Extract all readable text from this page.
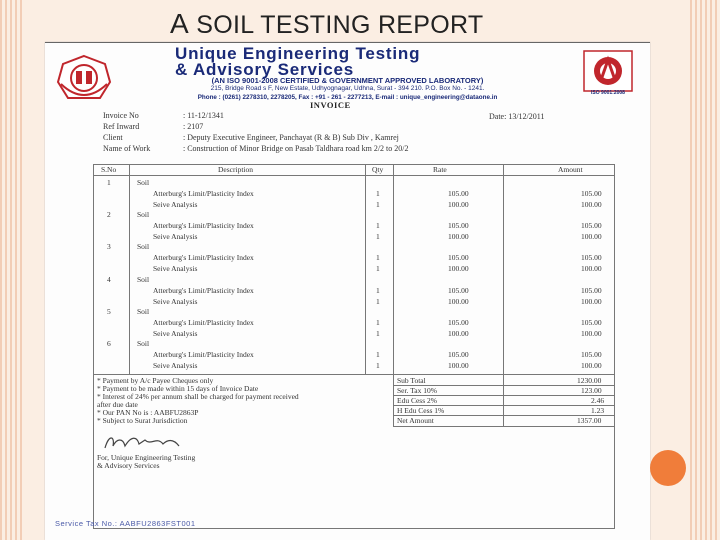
A SOIL TESTING REPORT
Unique Engineering Testing
& Advisory Services
(AN ISO 9001-2008 CERTIFIED & GOVERNMENT APPROVED LABORATORY)
215, Bridge Road s F, New Estate, Udhyognagar, Udhna, Surat - 394 210. P.O. Box No. - 1241.
Phone : (0261) 2278310, 2278205, Fax : +91 - 261 - 2277213, E-mail : unique_engineering@dataone.in
ISO 9001:2008
INVOICE
Invoice No	: 11-12/1341	Date: 13/12/2011
Ref Inward	: 2107
Client	: Deputy Executive Engineer, Panchayat (R & B) Sub Div , Kamrej
Name of Work	: Construction of Minor Bridge on Pasab Taldhara road km 2/2 to 20/2
S.No	Description	Qty	Rate	Amount
1	Soil
Atterburg's Limit/Plasticity Index	1	105.00	105.00
Seive Analysis	1	100.00	100.00
2	Soil
Atterburg's Limit/Plasticity Index	1	105.00	105.00
Seive Analysis	1	100.00	100.00
3	Soil
Atterburg's Limit/Plasticity Index	1	105.00	105.00
Seive Analysis	1	100.00	100.00
4	Soil
Atterburg's Limit/Plasticity Index	1	105.00	105.00
Seive Analysis	1	100.00	100.00
5	Soil
Atterburg's Limit/Plasticity Index	1	105.00	105.00
Seive Analysis	1	100.00	100.00
6	Soil
Atterburg's Limit/Plasticity Index	1	105.00	105.00
Seive Analysis	1	100.00	100.00
* Payment by A/c Payee Cheques only
* Payment to be made within 15 days of Invoice Date
* Interest of 24% per annum shall be charged for payment received
after due date
* Our PAN No is : AABFU2863P
* Subject to Surat Jurisdiction
Sub Total	1230.00
Ser. Tax 10%	123.00
Edu Cess 2%	2.46
H Edu Cess 1%	1.23
Net Amount	1357.00
For, Unique Engineering Testing
& Advisory Services
Service Tax No.: AABFU2863FST001
